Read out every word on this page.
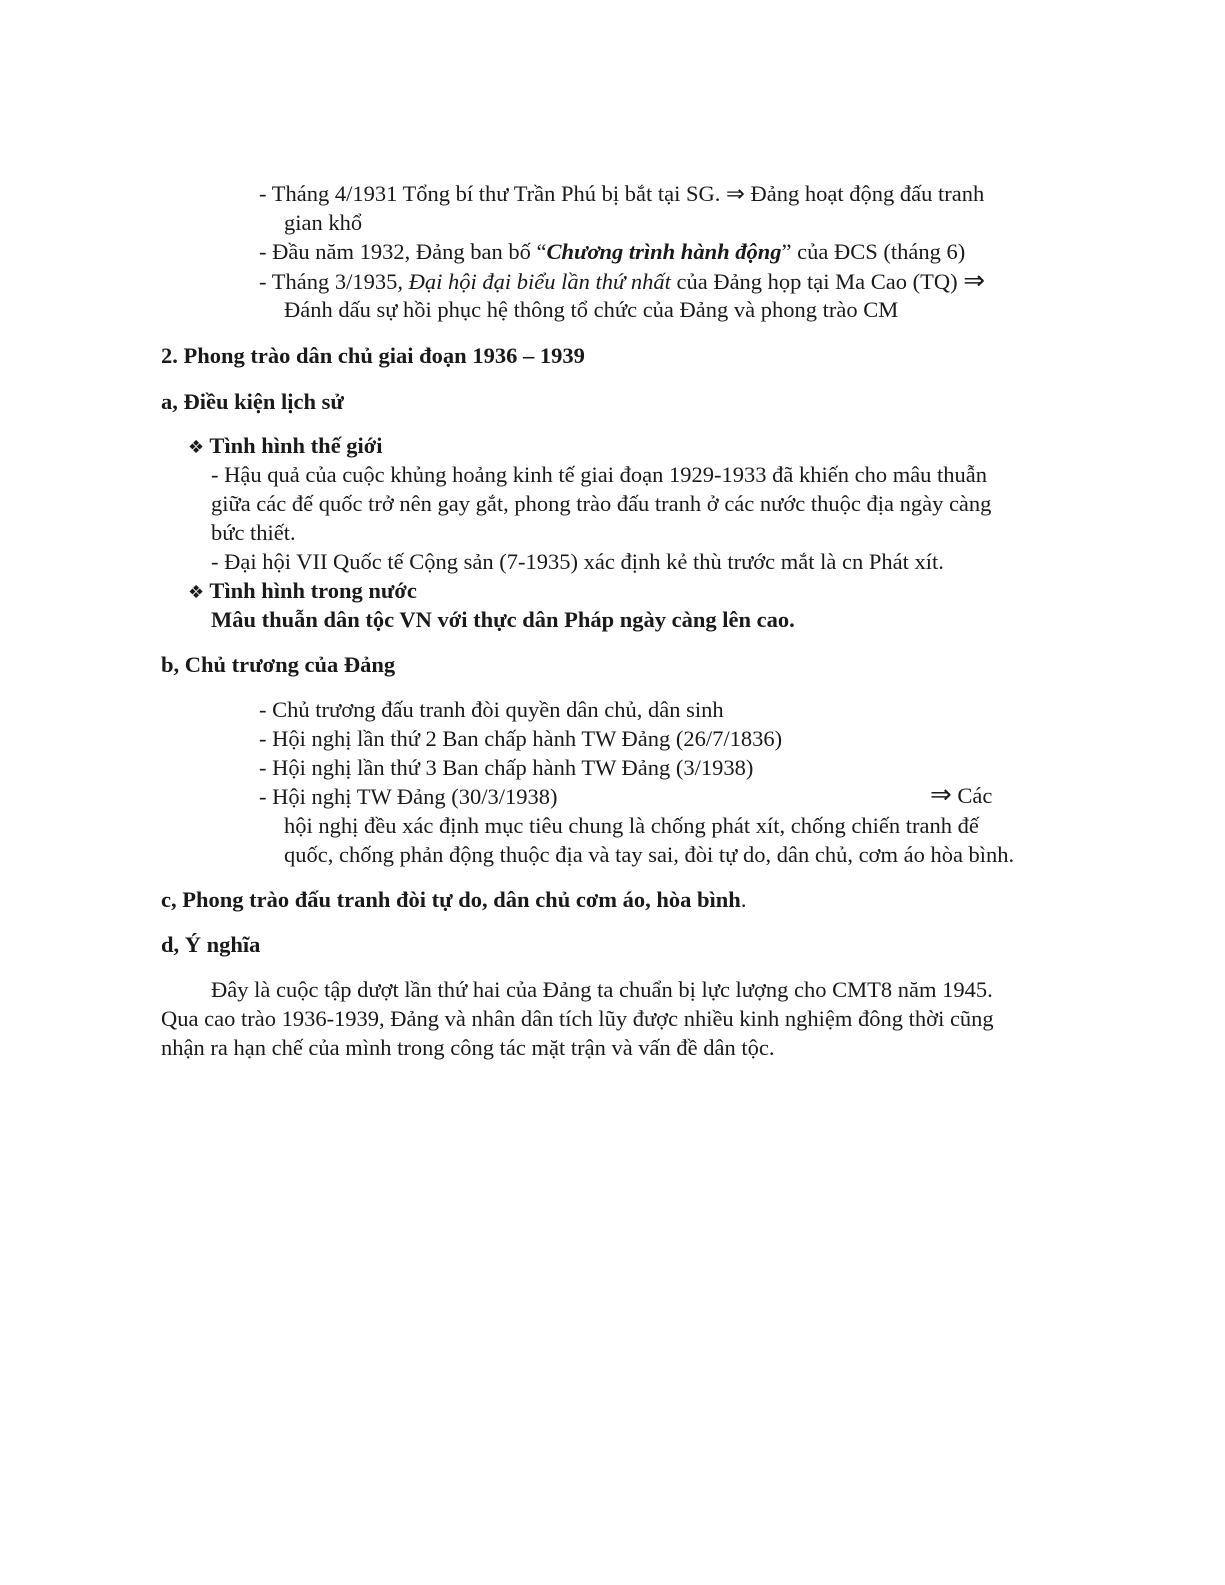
- Tháng 4/1931 Tổng bí thư Trần Phú bị bắt tại SG. ⇒ Đảng hoạt động đấu tranh
gian khổ
- Đầu năm 1932, Đảng ban bố “Chương trình hành động” của ĐCS (tháng 6)
- Tháng 3/1935, Đại hội đại biểu lần thứ nhất của Đảng họp tại Ma Cao (TQ) ⇒
Đánh dấu sự hồi phục hệ thông tổ chức của Đảng và phong trào CM
2. Phong trào dân chủ giai đoạn 1936 – 1939
a, Điều kiện lịch sử
❖ Tình hình thế giới
- Hậu quả của cuộc khủng hoảng kinh tế giai đoạn 1929-1933 đã khiến cho mâu thuẫn
giữa các đế quốc trở nên gay gắt, phong trào đấu tranh ở các nước thuộc địa ngày càng
bức thiết.
- Đại hội VII Quốc tế Cộng sản (7-1935) xác định kẻ thù trước mắt là cn Phát xít.
❖ Tình hình trong nước
Mâu thuẫn dân tộc VN với thực dân Pháp ngày càng lên cao.
b, Chủ trương của Đảng
- Chủ trương đấu tranh đòi quyền dân chủ, dân sinh
- Hội nghị lần thứ 2 Ban chấp hành TW Đảng (26/7/1836)
- Hội nghị lần thứ 3 Ban chấp hành TW Đảng (3/1938)
- Hội nghị TW Đảng (30/3/1938)	⇒ Các
hội nghị đều xác định mục tiêu chung là chống phát xít, chống chiến tranh đế
quốc, chống phản động thuộc địa và tay sai, đòi tự do, dân chủ, cơm áo hòa bình.
c, Phong trào đấu tranh đòi tự do, dân chủ cơm áo, hòa bình.
d, Ý nghĩa
Đây là cuộc tập dượt lần thứ hai của Đảng ta chuẩn bị lực lượng cho CMT8 năm 1945.
Qua cao trào 1936-1939, Đảng và nhân dân tích lũy được nhiều kinh nghiệm đông thời cũng
nhận ra hạn chế của mình trong công tác mặt trận và vấn đề dân tộc.
